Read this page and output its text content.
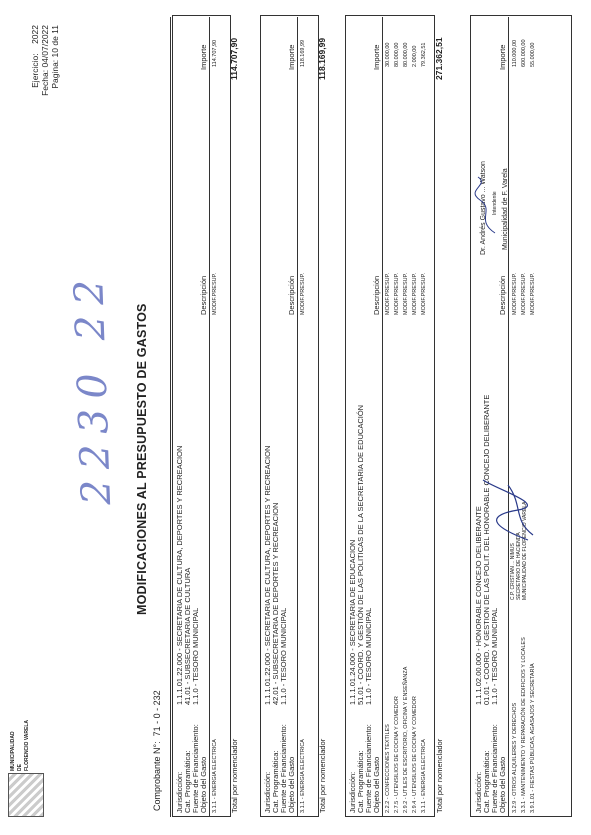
MUNICIPALIDAD DE FLORENCIO VARELA
2230 22
Ejercicio:    2022 Fecha: 04/07/2022 Pagina: 10 de 11
MODIFICACIONES AL PRESUPUESTO DE GASTOS
Comprobante N°:  71 - 0 - 232
Jurisdicción:
1.1.1.01.22.000 - SECRETARIA DE CULTURA, DEPORTES Y RECREACION
Cat. Programática:
41.01 - SUBSECRETARIA DE CULTURA
Fuente de Financiamiento:
1.1.0 - TESORO MUNICIPAL
Objeto del Gasto
Descripción
Importe
3.1.1 - ENERGIA ELECTRICA
MODIF.PRESUP.
114.707,90
Total por nomenclador
114.707,90
Jurisdicción:
1.1.1.01.22.000 - SECRETARIA DE CULTURA, DEPORTES Y RECREACION
Cat. Programática:
42.01 - SUBSECRETARIA DE DEPORTES Y RECREACION
Fuente de Financiamiento:
1.1.0 - TESORO MUNICIPAL
Objeto del Gasto
Descripción
Importe
3.1.1 - ENERGIA ELECTRICA
MODIF.PRESUP.
118.169,99
Total por nomenclador
118.169,99
Jurisdicción:
1.1.1.01.24.000 - SECRETARIA DE EDUCACION
Cat. Programática:
51.01 - COORD. Y GESTIÓN DE LAS POLITICAS DE LA SECRETARIA DE EDUCACIÓN
Fuente de Financiamiento:
1.1.0 - TESORO MUNICIPAL
Objeto del Gasto
Descripción
Importe
2.2.2 - CONFECCIONES TEXTILES
MODIF.PRESUP.
30.000,00
2.7.5 - UTENSILIOS DE COCINA Y COMEDOR
MODIF.PRESUP.
80.000,00
2.9.2 - UTILES DE ESCRITORIO, OFICINA Y ENSEÑANZA
MODIF.PRESUP.
80.000,00
2.9.4 - UTENSILIOS DE COCINA Y COMEDOR
MODIF.PRESUP.
2.000,00
3.1.1 - ENERGIA ELECTRICA
MODIF.PRESUP.
79.362,51
Total por nomenclador
271.362,51
Jurisdicción:
1.1.1.02.00.000 - HONORABLE CONCEJO DELIBERANTE
Cat. Programática:
01.01 - COORD. Y GESTION DE LAS POLIT. DEL HONORABLE CONCEJO DELIBERANTE
Fuente de Financiamiento:
1.1.0 - TESORO MUNICIPAL
Objeto del Gasto
Descripción
Importe
3.2.9 - OTROS ALQUILERES Y DERECHOS
MODIF.PRESUP.
110.000,00
3.3.1 - MANTENIMIENTO Y REPARACIÓN DE EDIFICIOS Y LOCALES
MODIF.PRESUP.
600.000,00
3.9.1.01 - FIESTAS PÚBLICAS, AGASAJOS Y SECRETARÍA
MODIF.PRESUP.
55.000,00
C.P. CRISTIAN ... NIMUS SECRETARIO DE HACIENDA MUNICIPALIDAD DE FLORENCIO VARELA
Dr. Andrés Gustavo ... Watson Intendente Municipalidad de F. Varela
